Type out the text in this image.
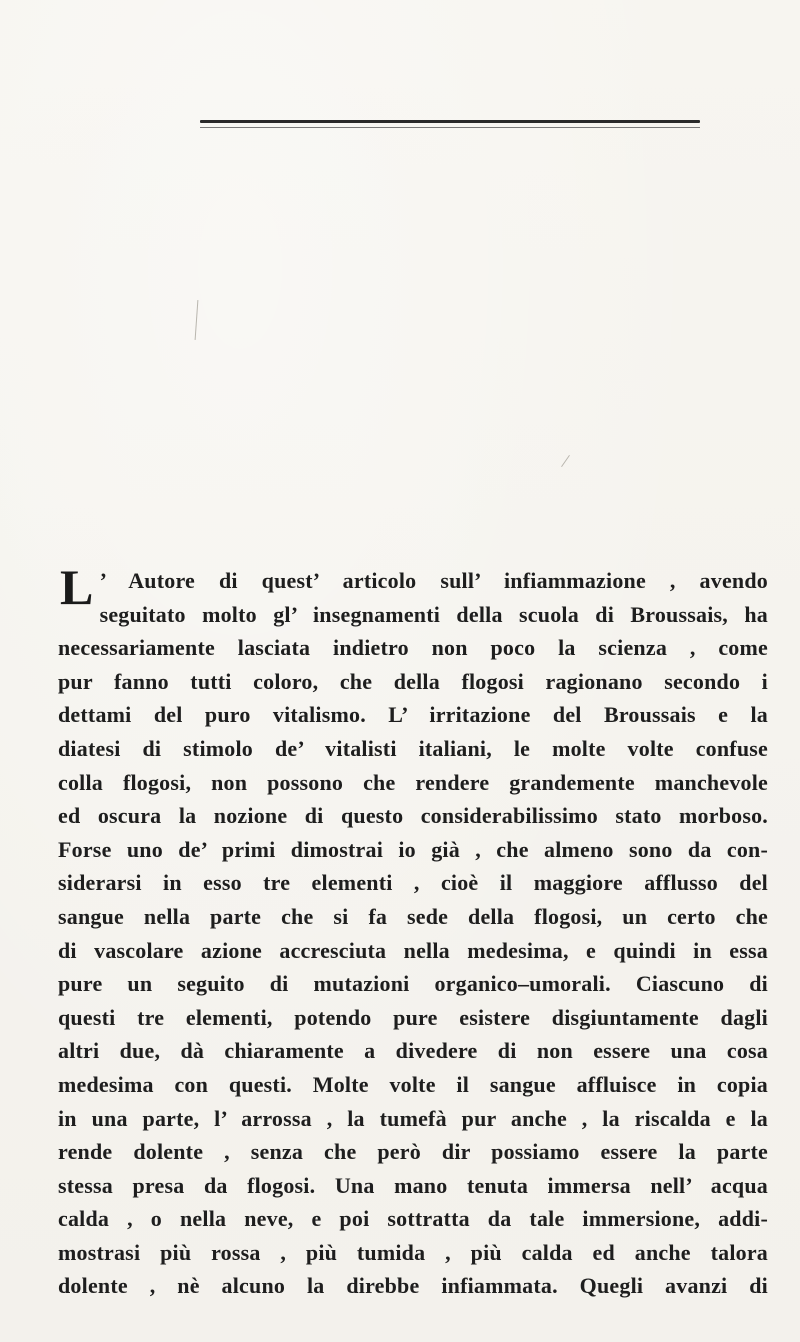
L ’ Autore di quest’ articolo sull’ infiammazione , avendo
seguitato molto gl’ insegnamenti della scuola di Broussais, ha
necessariamente lasciata indietro non poco la scienza , come
pur fanno tutti coloro, che della flogosi ragionano secondo i
dettami del puro vitalismo. L’ irritazione del Broussais e la
diatesi di stimolo de’ vitalisti italiani, le molte volte confuse
colla flogosi, non possono che rendere grandemente manchevole
ed oscura la nozione di questo considerabilissimo stato morboso.
Forse uno de’ primi dimostrai io già , che almeno sono da con-
siderarsi in esso tre elementi , cioè il maggiore afflusso del
sangue nella parte che si fa sede della flogosi, un certo che
di vascolare azione accresciuta nella medesima, e quindi in essa
pure un seguito di mutazioni organico–umorali. Ciascuno di
questi tre elementi, potendo pure esistere disgiuntamente dagli
altri due, dà chiaramente a divedere di non essere una cosa
medesima con questi. Molte volte il sangue affluisce in copia
in una parte, l’ arrossa , la tumefà pur anche , la riscalda e la
rende dolente , senza che però dir possiamo essere la parte
stessa presa da flogosi. Una mano tenuta immersa nell’ acqua
calda , o nella neve, e poi sottratta da tale immersione, addi-
mostrasi più rossa , più tumida , più calda ed anche talora
dolente , nè alcuno la direbbe infiammata. Quegli avanzi di
